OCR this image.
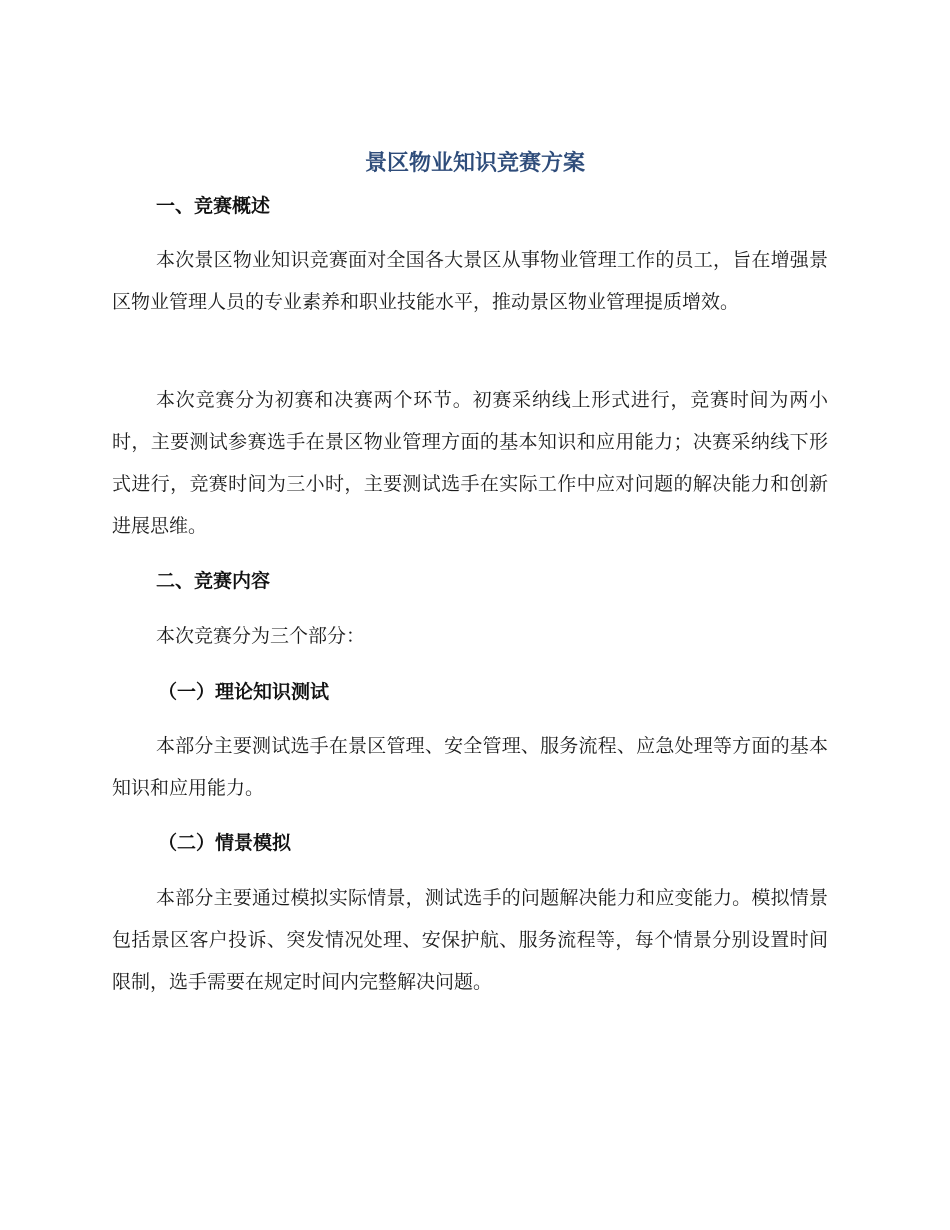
景区物业知识竞赛方案
一、竞赛概述

本次景区物业知识竞赛面对全国各大景区从事物业管理工作的员工，旨在增强景区物业管理人员的专业素养和职业技能水平，推动景区物业管理提质增效。

本次竞赛分为初赛和决赛两个环节。初赛采纳线上形式进行，竞赛时间为两小时，主要测试参赛选手在景区物业管理方面的基本知识和应用能力；决赛采纳线下形式进行，竞赛时间为三小时，主要测试选手在实际工作中应对问题的解决能力和创新进展思维。

二、竞赛内容

本次竞赛分为三个部分：

（一）理论知识测试

本部分主要测试选手在景区管理、安全管理、服务流程、应急处理等方面的基本知识和应用能力。

（二）情景模拟

本部分主要通过模拟实际情景，测试选手的问题解决能力和应变能力。模拟情景包括景区客户投诉、突发情况处理、安保护航、服务流程等，每个情景分别设置时间限制，选手需要在规定时间内完整解决问题。
